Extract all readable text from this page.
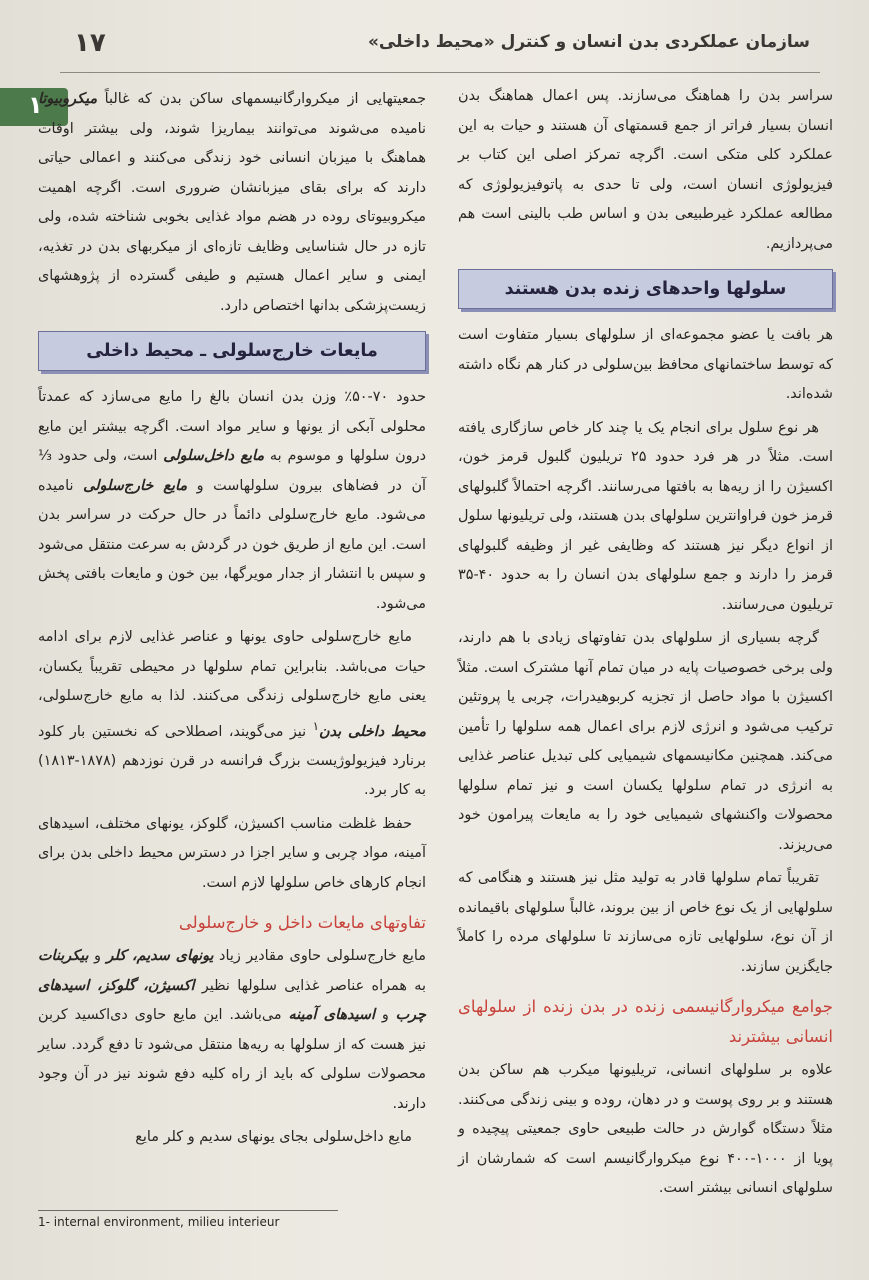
۱۷	سازمان عملکردی بدن انسان و کنترل «محیط داخلی»
۱	سراسر بدن را هماهنگ می‌سازند. پس اعمال هماهنگ بدن انسان بسیار فراتر از جمع قسمتهای آن هستند و حیات به این عملکرد کلی متکی است. اگرچه تمرکز اصلی این کتاب بر فیزیولوژی انسان است، ولی تا حدی به پاتوفیزیولوژی که مطالعه عملکرد غیرطبیعی بدن و اساس طب بالینی است هم می‌پردازیم.

سلولها واحدهای زنده بدن هستند

هر بافت یا عضو مجموعه‌ای از سلولهای بسیار متفاوت است که توسط ساختمانهای محافظ بین‌سلولی در کنار هم نگاه داشته شده‌اند.

هر نوع سلول برای انجام یک یا چند کار خاص سازگاری یافته است. مثلاً در هر فرد حدود ۲۵ تریلیون گلبول قرمز خون، اکسیژن را از ریه‌ها به بافتها می‌رسانند. اگرچه احتمالاً گلبولهای قرمز خون فراوانترین سلولهای بدن هستند، ولی تریلیونها سلول از انواع دیگر نیز هستند که وظایفی غیر از وظیفه گلبولهای قرمز را دارند و جمع سلولهای بدن انسان را به حدود ۴۰-۳۵ تریلیون می‌رسانند.

گرچه بسیاری از سلولهای بدن تفاوتهای زیادی با هم دارند، ولی برخی خصوصیات پایه در میان تمام آنها مشترک است. مثلاً اکسیژن با مواد حاصل از تجزیه کربوهیدرات، چربی یا پروتئین ترکیب می‌شود و انرژی لازم برای اعمال همه سلولها را تأمین می‌کند. همچنین مکانیسمهای شیمیایی کلی تبدیل عناصر غذایی به انرژی در تمام سلولها یکسان است و نیز تمام سلولها محصولات واکنشهای شیمیایی خود را به مایعات پیرامون خود می‌ریزند.

تقریباً تمام سلولها قادر به تولید مثل نیز هستند و هنگامی که سلولهایی از یک نوع خاص از بین بروند، غالباً سلولهای باقیمانده از آن نوع، سلولهایی تازه می‌سازند تا سلولهای مرده را کاملاً جایگزین سازند.

جوامع میکروارگانیسمی زنده در بدن زنده از سلولهای انسانی بیشترند

علاوه بر سلولهای انسانی، تریلیونها میکرب هم ساکن بدن هستند و بر روی پوست و در دهان، روده و بینی زندگی می‌کنند. مثلاً دستگاه گوارش در حالت طبیعی حاوی جمعیتی پیچیده و پویا از ۱۰۰۰-۴۰۰ نوع میکروارگانیسم است که شمارشان از سلولهای انسانی بیشتر است.

جمعیتهایی از میکروارگانیسمهای ساکن بدن که غالباً میکروبیوتا نامیده می‌شوند می‌توانند بیماریزا شوند، ولی بیشتر اوقات هماهنگ با میزبان انسانی خود زندگی می‌کنند و اعمالی حیاتی دارند که برای بقای میزبانشان ضروری است. اگرچه اهمیت میکروبیوتای روده در هضم مواد غذایی بخوبی شناخته شده، ولی تازه در حال شناسایی وظایف تازه‌ای از میکربهای بدن در تغذیه، ایمنی و سایر اعمال هستیم و طیفی گسترده از پژوهشهای زیست‌پزشکی بدانها اختصاص دارد.

مایعات خارج‌سلولی ـ محیط داخلی

حدود ۷۰-۵۰٪ وزن بدن انسان بالغ را مایع می‌سازد که عمدتاً محلولی آبکی از یونها و سایر مواد است. اگرچه بیشتر این مایع درون سلولها و موسوم به مایع داخل‌سلولی است، ولی حدود ⅓ آن در فضاهای بیرون سلولهاست و مایع خارج‌سلولی نامیده می‌شود. مایع خارج‌سلولی دائماً در حال حرکت در سراسر بدن است. این مایع از طریق خون در گردش به سرعت منتقل می‌شود و سپس با انتشار از جدار مویرگها، بین خون و مایعات بافتی پخش می‌شود.

مایع خارج‌سلولی حاوی یونها و عناصر غذایی لازم برای ادامه حیات می‌باشد. بنابراین تمام سلولها در محیطی تقریباً یکسان، یعنی مایع خارج‌سلولی زندگی می‌کنند. لذا به مایع خارج‌سلولی، محیط داخلی بدن$^۱$ نیز می‌گویند، اصطلاحی که نخستین بار کلود برنارد فیزیولوژیست بزرگ فرانسه در قرن نوزدهم (۱۸۷۸-۱۸۱۳) به کار برد.

حفظ غلظت مناسب اکسیژن، گلوکز، یونهای مختلف، اسیدهای آمینه، مواد چربی و سایر اجزا در دسترس محیط داخلی بدن برای انجام کارهای خاص سلولها لازم است.

تفاوتهای مایعات داخل و خارج‌سلولی

مایع خارج‌سلولی حاوی مقادیر زیاد یونهای سدیم، کلر و بیکربنات به همراه عناصر غذایی سلولها نظیر اکسیژن، گلوکز، اسیدهای چرب و اسیدهای آمینه می‌باشد. این مایع حاوی دی‌اکسید کربن نیز هست که از سلولها به ریه‌ها منتقل می‌شود تا دفع گردد. سایر محصولات سلولی که باید از راه کلیه دفع شوند نیز در آن وجود دارند.

مایع داخل‌سلولی بجای یونهای سدیم و کلر مایع

1- internal environment, milieu interieur
